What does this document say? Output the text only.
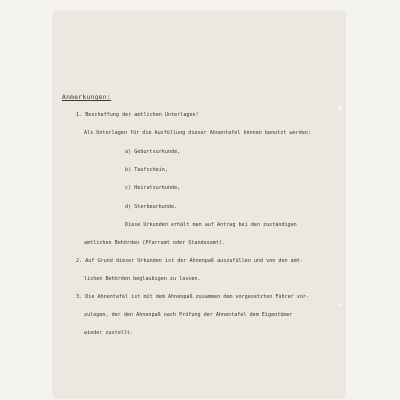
Anmerkungen:

1. Beschaffung der amtlichen Unterlagen!

Als Unterlagen für die Ausfüllung dieser Ahnentafel können benutzt werden:

a) Geburtsurkunde,

b) Taufschein,

c) Heiratsurkunde,

d) Sterbeurkunde.

Diese Urkunden erhält man auf Antrag bei den zuständigen

amtlichen Behörden (Pfarramt oder Standesamt).

2. Auf Grund dieser Urkunden ist der Ahnenpaß auszufüllen und von den amt-

lichen Behörden beglaubigen zu lassen.

3. Die Ahnentafel ist mit dem Ahnenpaß zusammen dem vorgesetzten Führer vor-

zulegen, der den Ahnenpaß nach Prüfung der Ahnentafel dem Eigentümer

wieder zustellt.
